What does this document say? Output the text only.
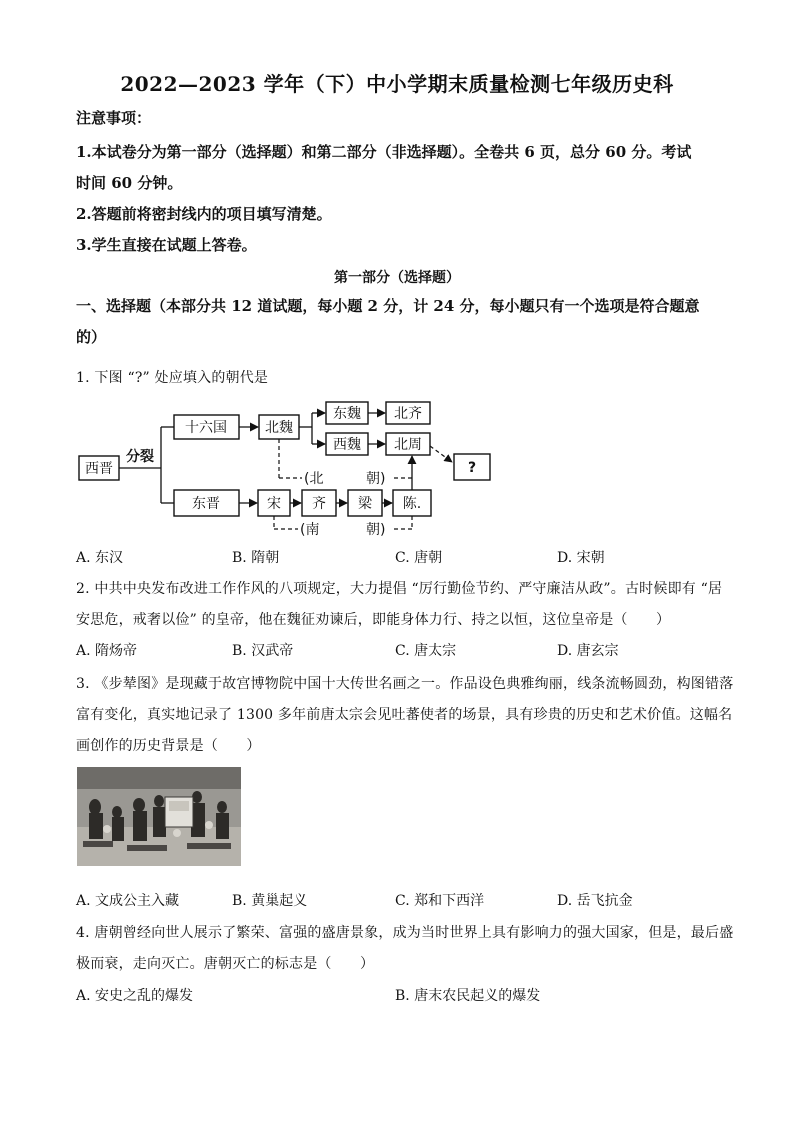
2022—2023 学年（下）中小学期末质量检测七年级历史科
注意事项：
1.本试卷分为第一部分（选择题）和第二部分（非选择题）。全卷共 6 页，总分 60 分。考试
时间 60 分钟。
2.答题前将密封线内的项目填写清楚。
3.学生直接在试题上答卷。
第一部分（选择题）
一、选择题（本部分共 12 道试题，每小题 2 分，计 24 分，每小题只有一个选项是符合题意
的）
1. 下图 “?” 处应填入的朝代是
西晋
分裂
十六国	北魏
东魏 北齐
西魏 北周
?
东晋	宋 齐 梁 陈.
(北	朝)
(南	朝)
A. 东汉	B. 隋朝	C. 唐朝	D. 宋朝
2. 中共中央发布改进工作作风的八项规定，大力提倡 “厉行勤俭节约、严守廉洁从政”。古时候即有 “居
安思危，戒奢以俭” 的皇帝，他在魏征劝谏后，即能身体力行、持之以恒，这位皇帝是（　　）
A. 隋炀帝	B. 汉武帝	C. 唐太宗	D. 唐玄宗
3. 《步辇图》是现藏于故宫博物院中国十大传世名画之一。作品设色典雅绚丽，线条流畅圆劲，构图错落
富有变化，真实地记录了 1300 多年前唐太宗会见吐蕃使者的场景，具有珍贵的历史和艺术价值。这幅名
画创作的历史背景是（　　）
A. 文成公主入藏	B. 黄巢起义	C. 郑和下西洋	D. 岳飞抗金
4. 唐朝曾经向世人展示了繁荣、富强的盛唐景象，成为当时世界上具有影响力的强大国家，但是，最后盛
极而衰，走向灭亡。唐朝灭亡的标志是（　　）
A. 安史之乱的爆发	B. 唐末农民起义的爆发
